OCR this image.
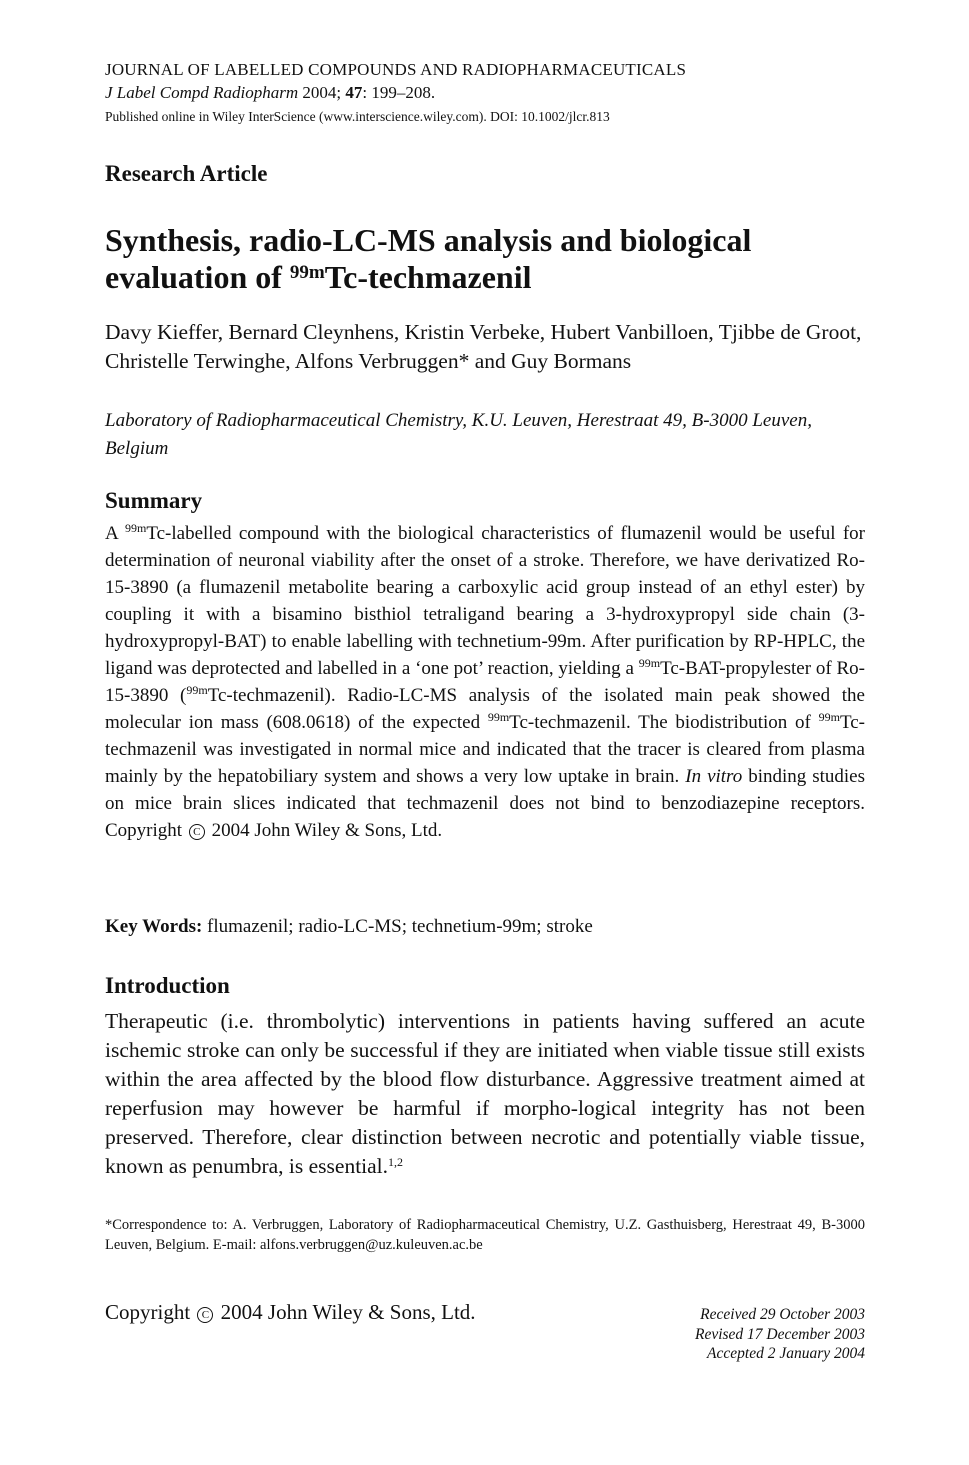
JOURNAL OF LABELLED COMPOUNDS AND RADIOPHARMACEUTICALS
J Label Compd Radiopharm 2004; 47: 199–208.
Published online in Wiley InterScience (www.interscience.wiley.com). DOI: 10.1002/jlcr.813
Research Article
Synthesis, radio-LC-MS analysis and biological evaluation of $^{99m}$Tc-techmazenil
Davy Kieffer, Bernard Cleynhens, Kristin Verbeke, Hubert Vanbilloen, Tjibbe de Groot, Christelle Terwinghe, Alfons Verbruggen* and Guy Bormans
Laboratory of Radiopharmaceutical Chemistry, K.U. Leuven, Herestraat 49, B-3000 Leuven, Belgium
Summary
A $^{99m}$Tc-labelled compound with the biological characteristics of flumazenil would be useful for determination of neuronal viability after the onset of a stroke. Therefore, we have derivatized Ro-15-3890 (a flumazenil metabolite bearing a carboxylic acid group instead of an ethyl ester) by coupling it with a bisamino bisthiol tetraligand bearing a 3-hydroxypropyl side chain (3-hydroxypropyl-BAT) to enable labelling with technetium-99m. After purification by RP-HPLC, the ligand was deprotected and labelled in a ‘one pot’ reaction, yielding a $^{99m}$Tc-BAT-propylester of Ro-15-3890 ($^{99m}$Tc-techmazenil). Radio-LC-MS analysis of the isolated main peak showed the molecular ion mass (608.0618) of the expected $^{99m}$Tc-techmazenil. The biodistribution of $^{99m}$Tc-techmazenil was investigated in normal mice and indicated that the tracer is cleared from plasma mainly by the hepatobiliary system and shows a very low uptake in brain. In vitro binding studies on mice brain slices indicated that techmazenil does not bind to benzodiazepine receptors. Copyright C 2004 John Wiley & Sons, Ltd.
Key Words: flumazenil; radio-LC-MS; technetium-99m; stroke
Introduction
Therapeutic (i.e. thrombolytic) interventions in patients having suffered an acute ischemic stroke can only be successful if they are initiated when viable tissue still exists within the area affected by the blood flow disturbance. Aggressive treatment aimed at reperfusion may however be harmful if morpho-logical integrity has not been preserved. Therefore, clear distinction between necrotic and potentially viable tissue, known as penumbra, is essential.$^{1,2}$
*Correspondence to: A. Verbruggen, Laboratory of Radiopharmaceutical Chemistry, U.Z. Gasthuisberg, Herestraat 49, B-3000 Leuven, Belgium. E-mail: alfons.verbruggen@uz.kuleuven.ac.be
Copyright C 2004 John Wiley & Sons, Ltd.	Received 29 October 2003
Revised 17 December 2003
Accepted 2 January 2004
